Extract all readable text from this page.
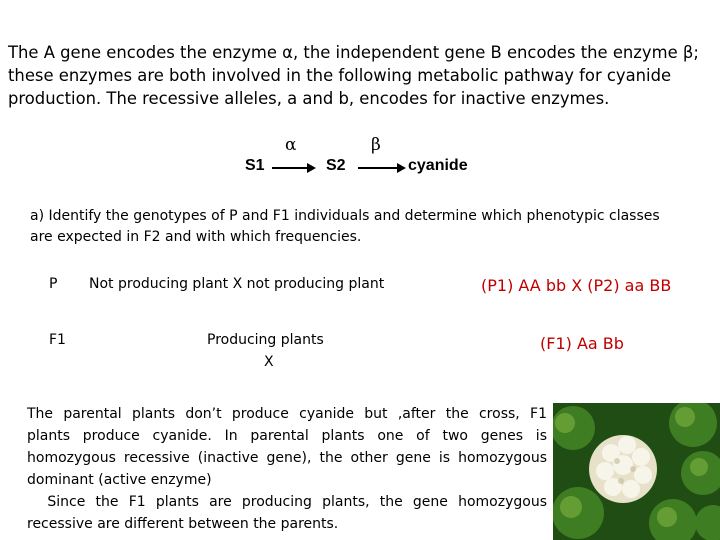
The A gene encodes the enzyme α, the independent gene B encodes the enzyme β;
these enzymes are both involved in the following metabolic pathway for cyanide
production. The recessive alleles, a and b, encodes for inactive enzymes.
S1
α
S2
β
cyanide
a) Identify the genotypes of P and F1 individuals and determine which phenotypic classes
are expected in F2 and with which frequencies.
P Not producing plant X not producing plant	(P1) AA bb X (P2) aa BB
F1	Producing plants
X
(F1) Aa Bb
The parental plants don’t produce cyanide but ,after the cross, F1
plants produce cyanide. In parental plants one of two genes is
homozygous recessive (inactive gene), the other gene is homozygous
dominant (active enzyme)
Since the F1 plants are producing plants, the gene homozygous
recessive are different between the parents.
